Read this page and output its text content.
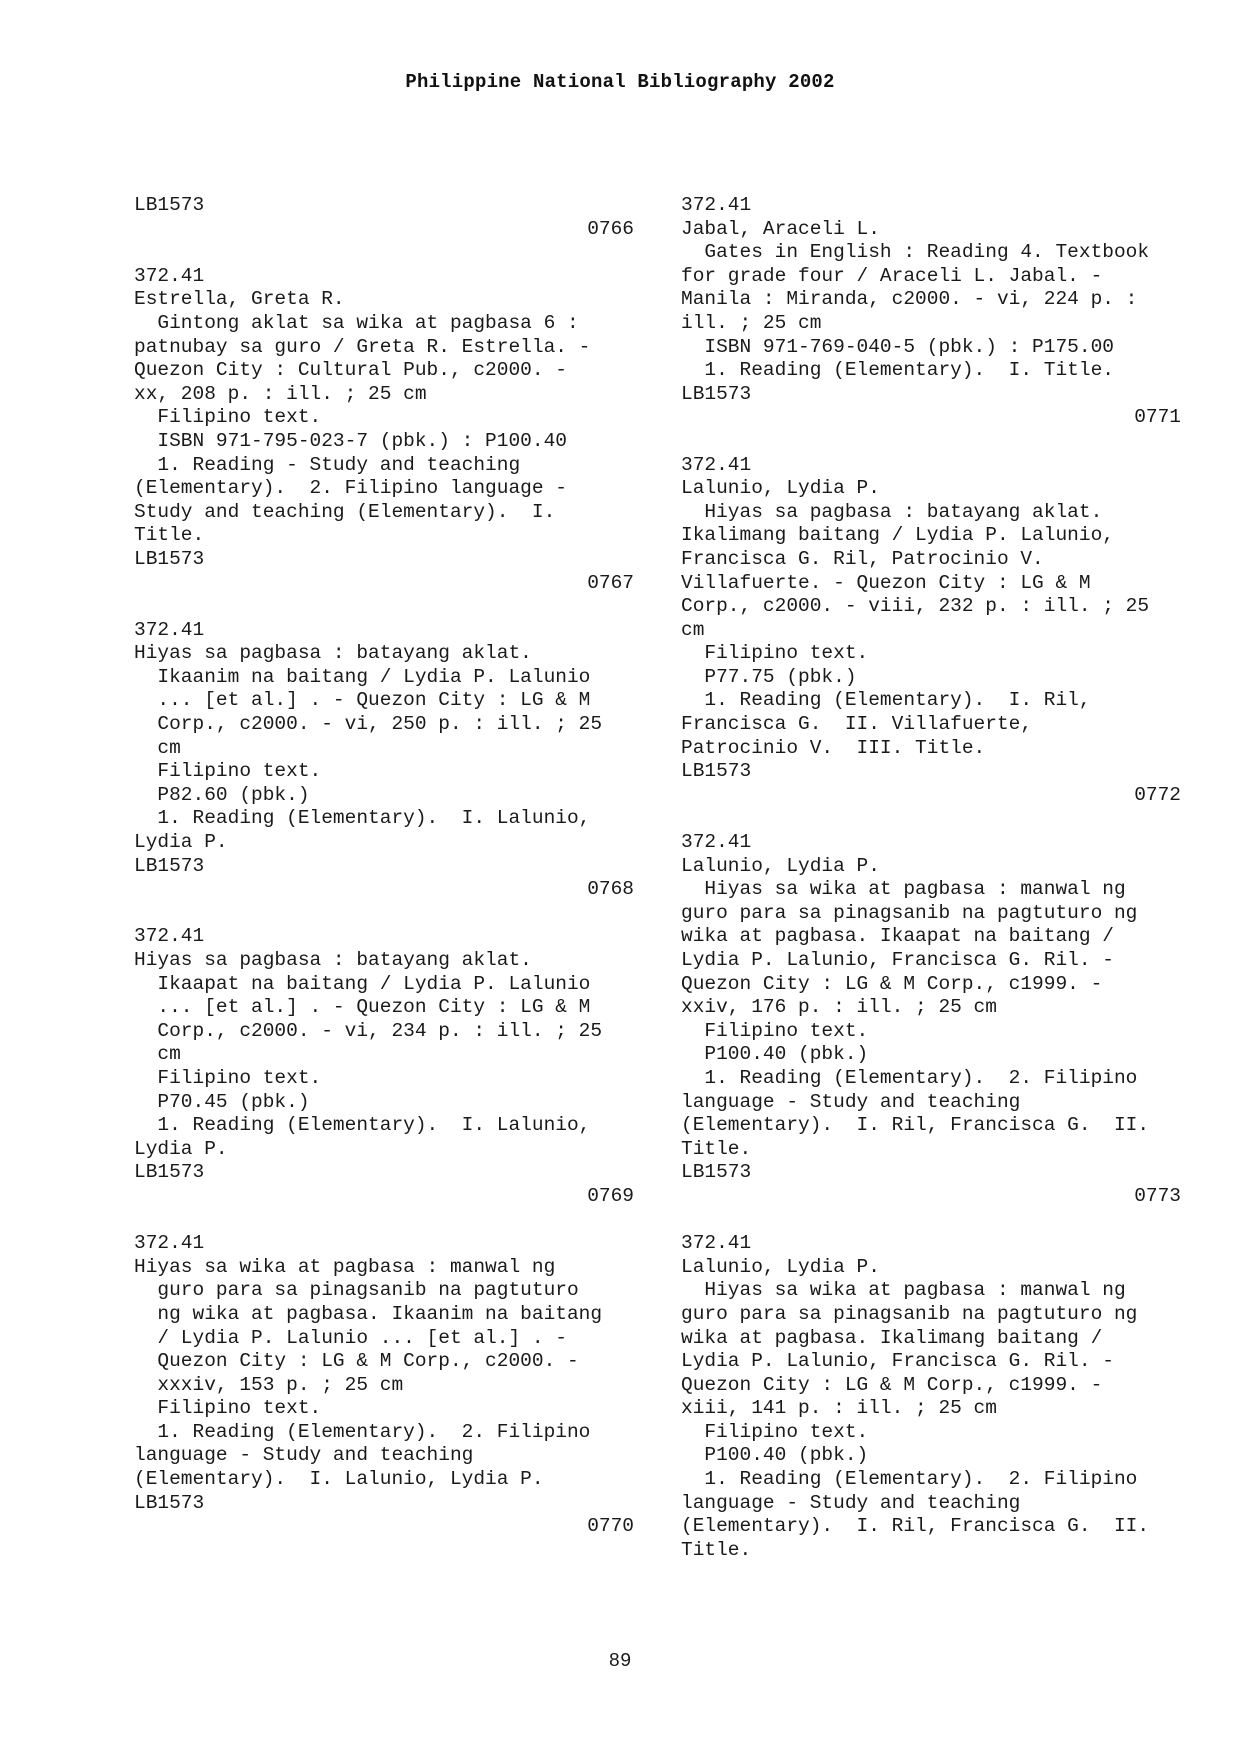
Philippine National Bibliography 2002
LB1573
0766
372.41
Estrella, Greta R.
Gintong aklat sa wika at pagbasa 6 :
patnubay sa guro / Greta R. Estrella. -
Quezon City : Cultural Pub., c2000. -
xx, 208 p. : ill. ; 25 cm
Filipino text.
ISBN 971-795-023-7 (pbk.) : P100.40
1. Reading - Study and teaching
(Elementary).  2. Filipino language -
Study and teaching (Elementary).  I.
Title.
LB1573
0767
372.41
Hiyas sa pagbasa : batayang aklat.
Ikaanim na baitang / Lydia P. Lalunio
... [et al.] . - Quezon City : LG & M
Corp., c2000. - vi, 250 p. : ill. ; 25
cm
Filipino text.
P82.60 (pbk.)
1. Reading (Elementary).  I. Lalunio,
Lydia P.
LB1573
0768
372.41
Hiyas sa pagbasa : batayang aklat.
Ikaapat na baitang / Lydia P. Lalunio
... [et al.] . - Quezon City : LG & M
Corp., c2000. - vi, 234 p. : ill. ; 25
cm
Filipino text.
P70.45 (pbk.)
1. Reading (Elementary).  I. Lalunio,
Lydia P.
LB1573
0769
372.41
Hiyas sa wika at pagbasa : manwal ng
guro para sa pinagsanib na pagtuturo
ng wika at pagbasa. Ikaanim na baitang
/ Lydia P. Lalunio ... [et al.] . -
Quezon City : LG & M Corp., c2000. -
xxxiv, 153 p. ; 25 cm
Filipino text.
1. Reading (Elementary).  2. Filipino
language - Study and teaching
(Elementary).  I. Lalunio, Lydia P.
LB1573
0770
372.41
Jabal, Araceli L.
Gates in English : Reading 4. Textbook
for grade four / Araceli L. Jabal. -
Manila : Miranda, c2000. - vi, 224 p. :
ill. ; 25 cm
ISBN 971-769-040-5 (pbk.) : P175.00
1. Reading (Elementary).  I. Title.
LB1573
0771
372.41
Lalunio, Lydia P.
Hiyas sa pagbasa : batayang aklat.
Ikalimang baitang / Lydia P. Lalunio,
Francisca G. Ril, Patrocinio V.
Villafuerte. - Quezon City : LG & M
Corp., c2000. - viii, 232 p. : ill. ; 25
cm
Filipino text.
P77.75 (pbk.)
1. Reading (Elementary).  I. Ril,
Francisca G.  II. Villafuerte,
Patrocinio V.  III. Title.
LB1573
0772
372.41
Lalunio, Lydia P.
Hiyas sa wika at pagbasa : manwal ng
guro para sa pinagsanib na pagtuturo ng
wika at pagbasa. Ikaapat na baitang /
Lydia P. Lalunio, Francisca G. Ril. -
Quezon City : LG & M Corp., c1999. -
xxiv, 176 p. : ill. ; 25 cm
Filipino text.
P100.40 (pbk.)
1. Reading (Elementary).  2. Filipino
language - Study and teaching
(Elementary).  I. Ril, Francisca G.  II.
Title.
LB1573
0773
372.41
Lalunio, Lydia P.
Hiyas sa wika at pagbasa : manwal ng
guro para sa pinagsanib na pagtuturo ng
wika at pagbasa. Ikalimang baitang /
Lydia P. Lalunio, Francisca G. Ril. -
Quezon City : LG & M Corp., c1999. -
xiii, 141 p. : ill. ; 25 cm
Filipino text.
P100.40 (pbk.)
1. Reading (Elementary).  2. Filipino
language - Study and teaching
(Elementary).  I. Ril, Francisca G.  II.
Title.
89
